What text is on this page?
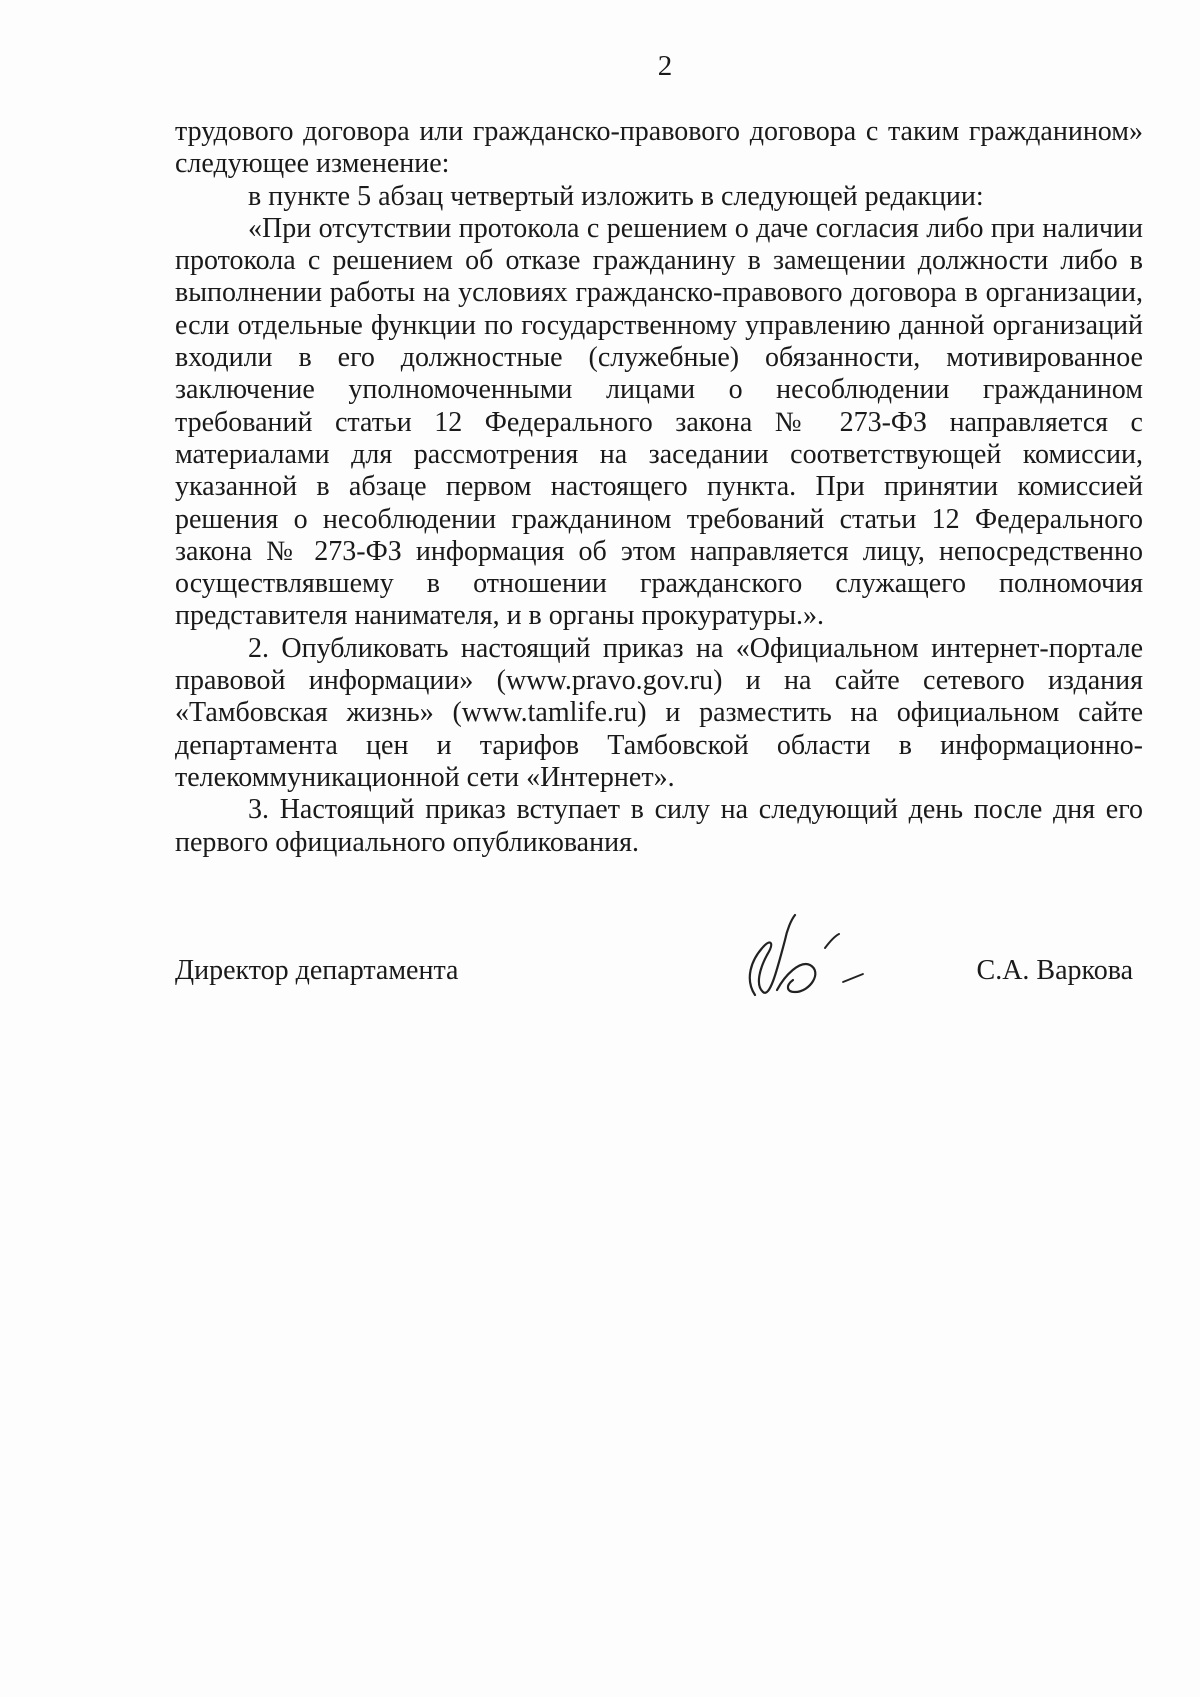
2

трудового договора или гражданско-правового договора с таким гражданином» следующее изменение:

в пункте 5 абзац четвертый изложить в следующей редакции:

«При отсутствии протокола с решением о даче согласия либо при наличии протокола с решением об отказе гражданину в замещении должности либо в выполнении работы на условиях гражданско-правового договора в организации, если отдельные функции по государственному управлению данной организаций входили в его должностные (служебные) обязанности, мотивированное заключение уполномоченными лицами о несоблюдении гражданином требований статьи 12 Федерального закона № 273-ФЗ направляется с материалами для рассмотрения на заседании соответствующей комиссии, указанной в абзаце первом настоящего пункта. При принятии комиссией решения о несоблюдении гражданином требований статьи 12 Федерального закона № 273-ФЗ информация об этом направляется лицу, непосредственно осуществлявшему в отношении гражданского служащего полномочия представителя нанимателя, и в органы прокуратуры.».

2. Опубликовать настоящий приказ на «Официальном интернет-портале правовой информации» (www.pravo.gov.ru) и на сайте сетевого издания «Тамбовская жизнь» (www.tamlife.ru) и разместить на официальном сайте департамента цен и тарифов Тамбовской области в информационно-телекоммуникационной сети «Интернет».

3. Настоящий приказ вступает в силу на следующий день после дня его первого официального опубликования.

Директор департамента	С.А. Варкова
